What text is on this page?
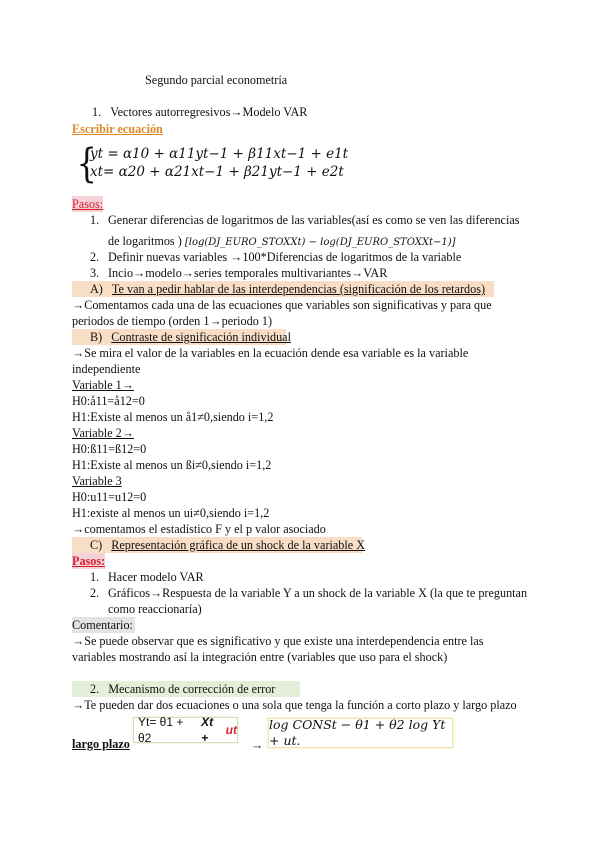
Segundo parcial econometría
1. Vectores autorregresivos→Modelo VAR
Escribir ecuación
{
yt = α10 + α11yt−1 + β11xt−1 + e1t
xt= α20 + α21xt−1 + β21yt−1 + e2t
Pasos:
1. Generar diferencias de logaritmos de las variables(así es como se ven las diferencias
de logaritmos ) [log(DJ_EURO_STOXXt) − log(DJ_EURO_STOXXt−1)]
2. Definir nuevas variables →100*Diferencias de logaritmos de la variable
3. Incio→modelo→series temporales multivariantes→VAR
A) Te van a pedir hablar de las interdependencias (significación de los retardos)
→Comentamos cada una de las ecuaciones que variables son significativas y para que
periodos de tiempo (orden 1→periodo 1)
B) Contraste de significación individual
→Se mira el valor de la variables en la ecuación dende esa variable es la variable
independiente
Variable 1→
H0:å11=å12=0
H1:Existe al menos un å1≠0,siendo i=1,2
Variable 2→
H0:ß11=ß12=0
H1:Existe al menos un ßi≠0,siendo i=1,2
Variable 3
H0:u11=u12=0
H1:existe al menos un ui≠0,siendo i=1,2
→comentamos el estadístico F y el p valor asociado
C) Representación gráfica de un shock de la variable X
Pasos:
1. Hacer modelo VAR
2. Gráficos→Respuesta de la variable Y a un shock de la variable X (la que te preguntan
como reaccionaría)
Comentario:
→Se puede observar que es significativo y que existe una interdependencia entre las
variables mostrando así la integración entre (variables que uso para el shock)
2. Mecanismo de corrección de error
→Te pueden dar dos ecuaciones o una sola que tenga la función a corto plazo y largo plazo
largo plazo
Yt= θ1 + θ2
Xt +
ut
→
log CONSt − θ1 + θ2 log Yt + ut.
